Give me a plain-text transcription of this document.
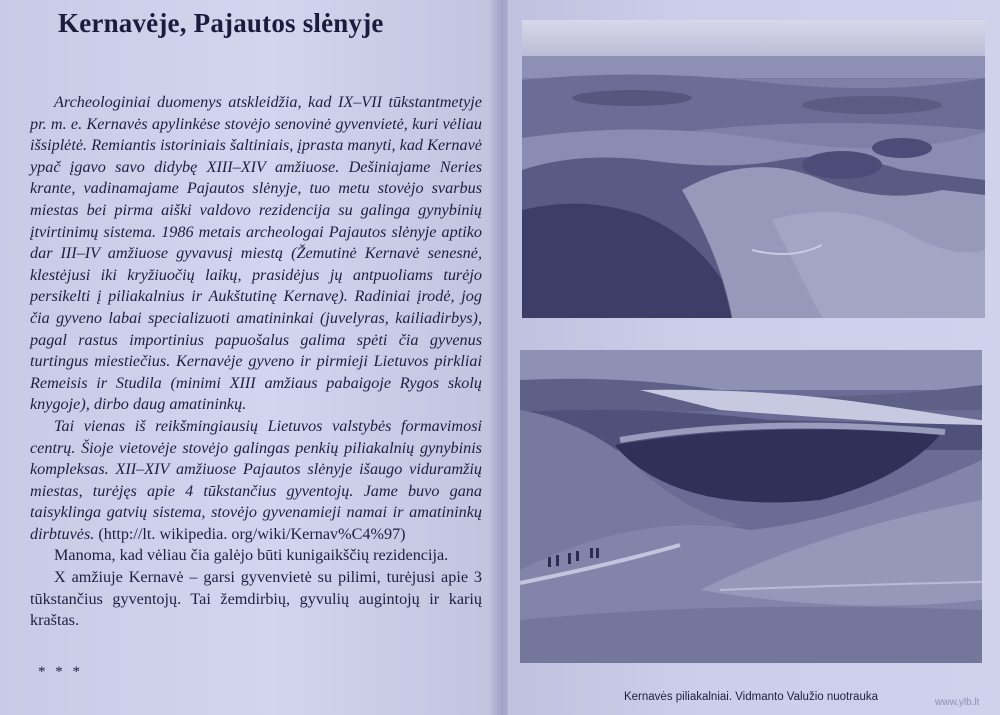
Kernavėje, Pajautos slėnyje

Archeologiniai duomenys atskleidžia, kad IX–VII tūkstantmetyje pr. m. e. Kernavės apylinkėse stovėjo senovinė gyvenvietė, kuri vėliau išsiplėtė. Remiantis istoriniais šaltiniais, įprasta manyti, kad Kernavė ypač įgavo savo didybę XIII–XIV amžiuose. Dešiniajame Neries krante, vadinamajame Pajautos slėnyje, tuo metu stovėjo svarbus miestas bei pirma aiški valdovo rezidencija su galinga gynybinių įtvirtinimų sistema. 1986 metais archeologai Pajautos slėnyje aptiko dar III–IV amžiuose gyvavusį miestą (Žemutinė Kernavė senesnė, klestėjusi iki kryžiuočių laikų, prasidėjus jų antpuoliams turėjo persikelti į piliakalnius ir Aukštutinę Kernavę). Radiniai įrodė, jog čia gyveno labai specializuoti amatininkai (juvelyras, kailiadirbys), pagal rastus importinius papuošalus galima spėti čia gyvenus turtingus miestiečius. Kernavėje gyveno ir pirmieji Lietuvos pirkliai Remeisis ir Studila (minimi XIII amžiaus pabaigoje Rygos skolų knygoje), dirbo daug amatininkų.

Tai vienas iš reikšmingiausių Lietuvos valstybės formavimosi centrų. Šioje vietovėje stovėjo galingas penkių piliakalnių gynybinis kompleksas. XII–XIV amžiuose Pajautos slėnyje išaugo viduramžių miestas, turėjęs apie 4 tūkstančius gyventojų. Jame buvo gana taisyklinga gatvių sistema, stovėjo gyvenamieji namai ir amatininkų dirbtuvės. (http://lt. wikipedia. org/wiki/Kernav%C4%97)

Manoma, kad vėliau čia galėjo būti kunigaikščių rezidencija.

X amžiuje Kernavė – garsi gyvenvietė su pilimi, turėjusi apie 3 tūkstančius gyventojų. Tai žemdirbių, gyvulių augintojų ir karių kraštas.

* * *
Kernavės piliakalniai. Vidmanto Valužio nuotrauka	www.ylb.lt
